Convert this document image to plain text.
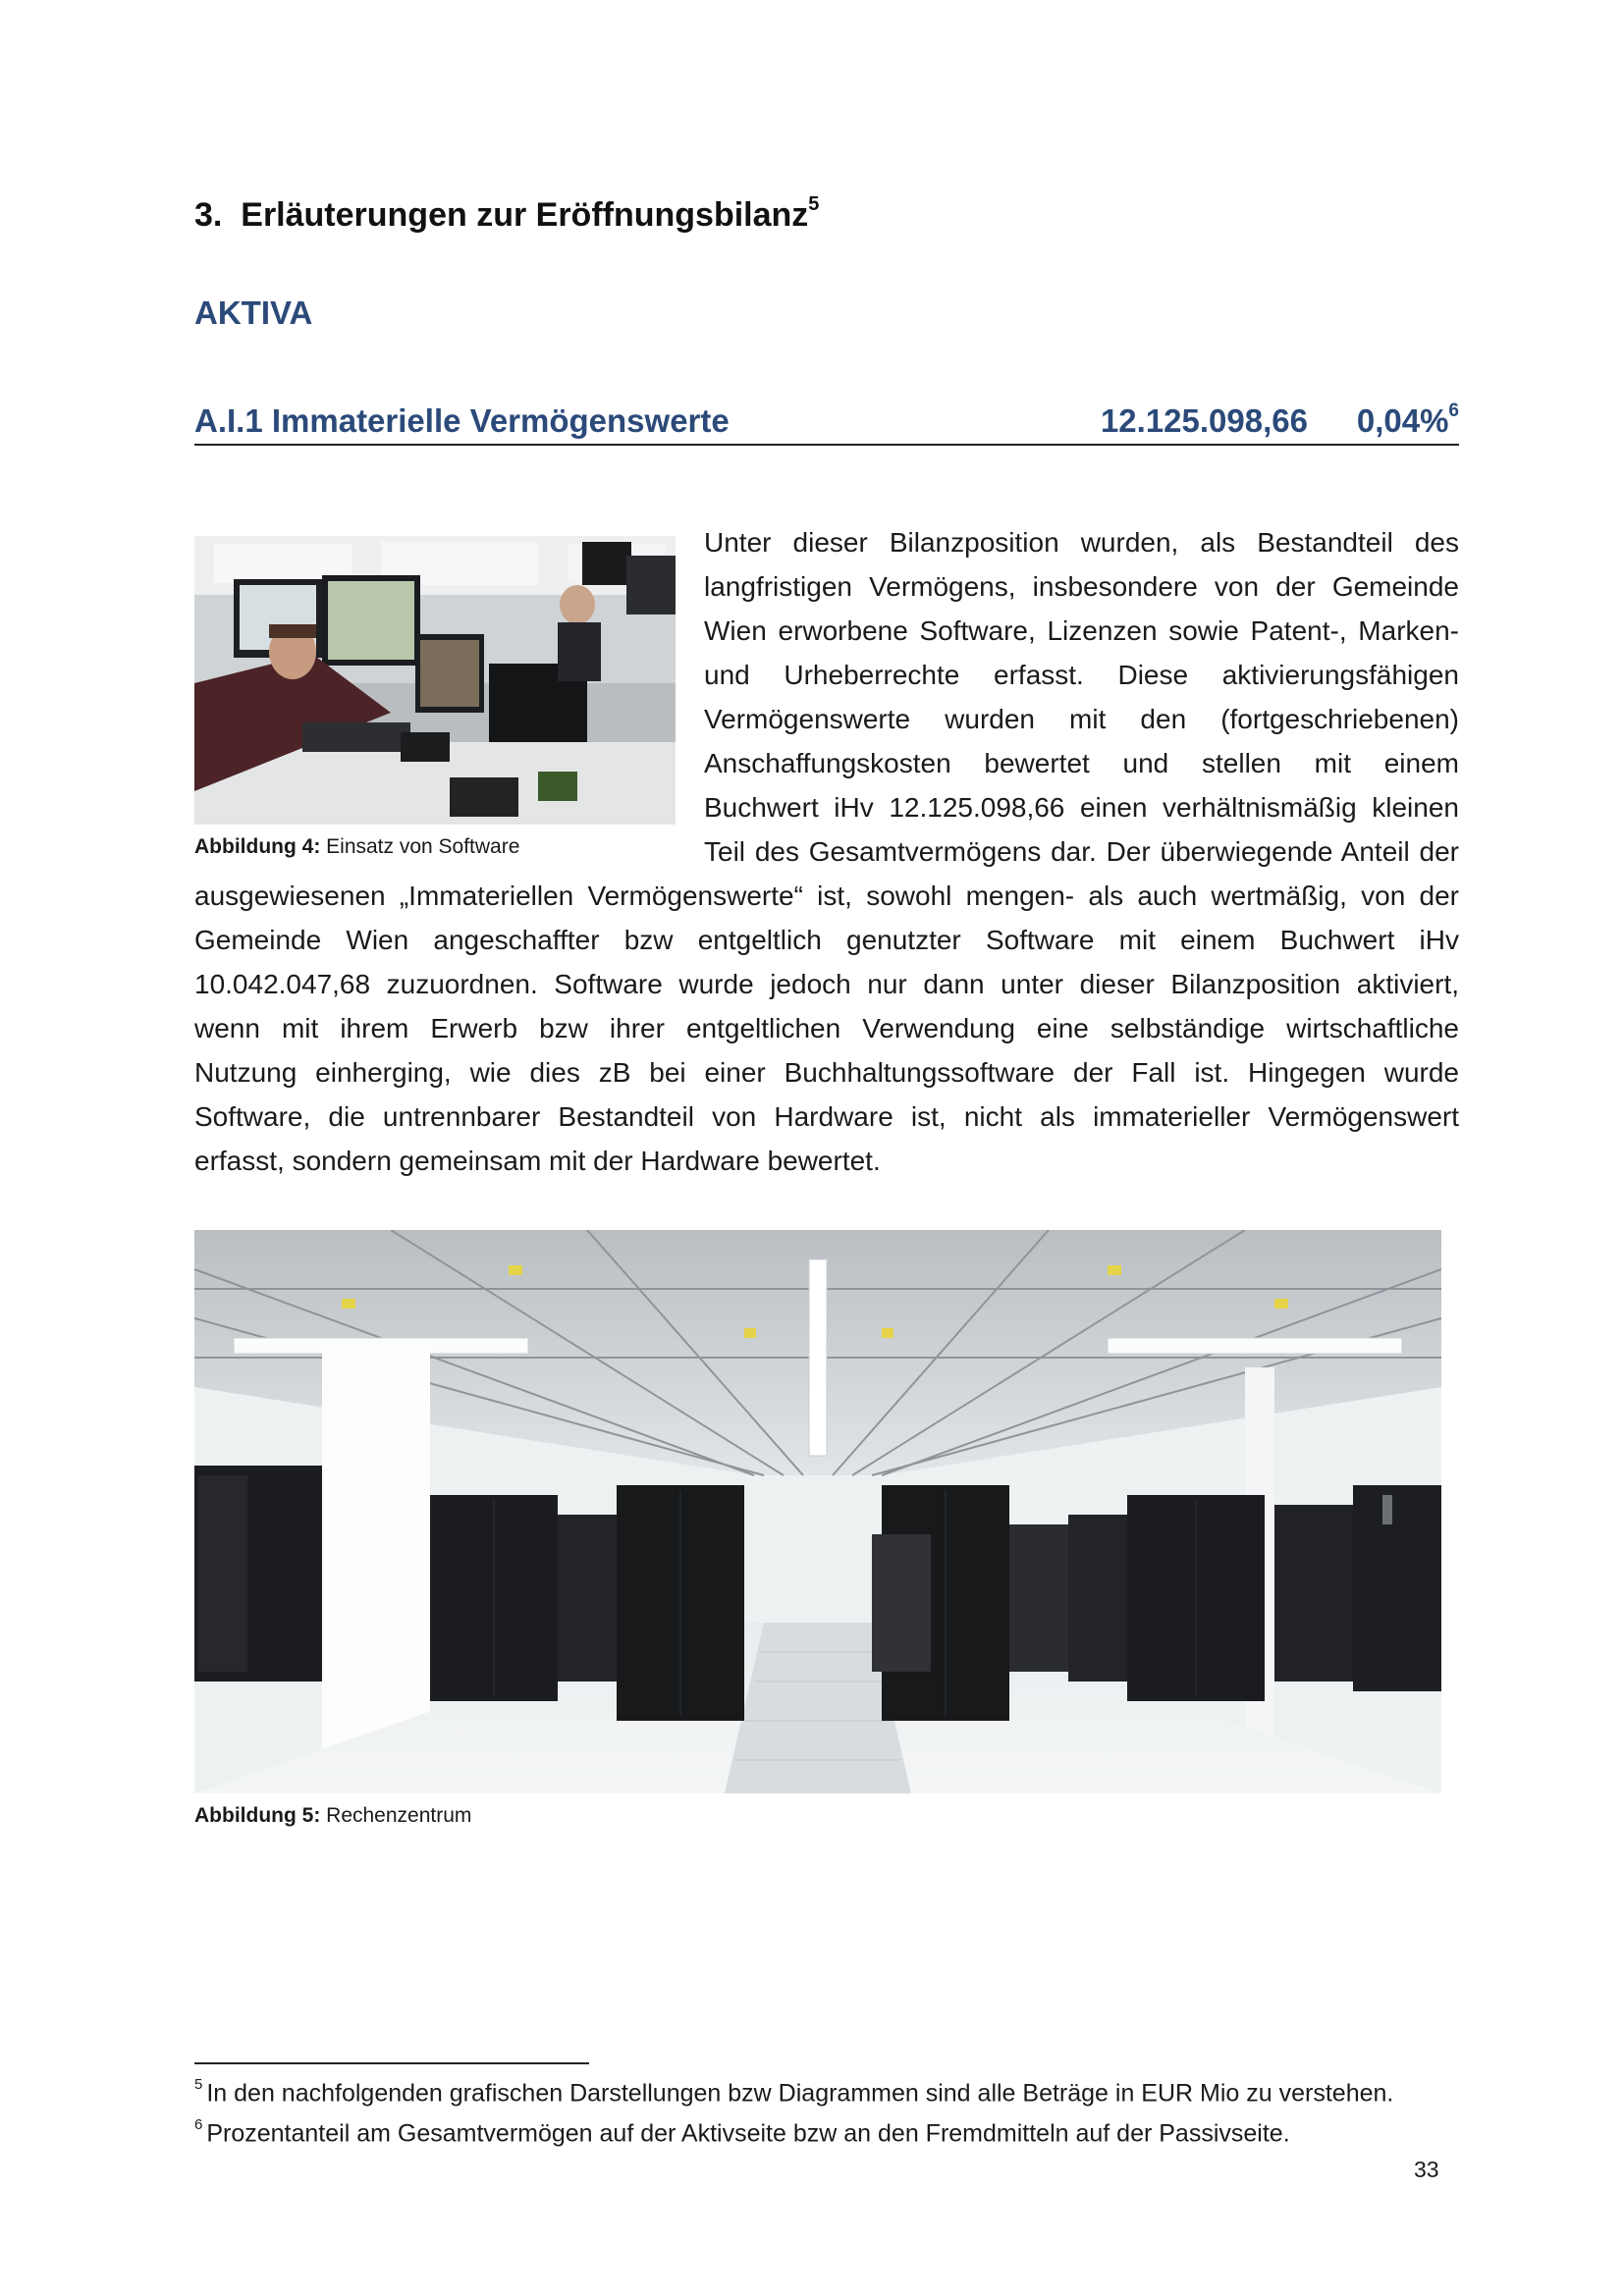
3. Erläuterungen zur Eröffnungsbilanz$^5$
AKTIVA
A.I.1 Immaterielle Vermögenswerte	12.125.098,66 0,04%$^6$
Abbildung 4: Einsatz von Software
Unter dieser Bilanzposition wurden, als Bestandteil des
langfristigen Vermögens, insbesondere von der Gemeinde
Wien erworbene Software, Lizenzen sowie Patent-, Marken-
und Urheberrechte erfasst. Diese aktivierungsfähigen
Vermögenswerte wurden mit den (fortgeschriebenen)
Anschaffungskosten bewertet und stellen mit einem
Buchwert iHv 12.125.098,66 einen verhältnismäßig kleinen
Teil des Gesamtvermögens dar. Der überwiegende Anteil der
ausgewiesenen „Immateriellen Vermögenswerte“ ist, sowohl mengen- als auch wertmäßig, von der
Gemeinde Wien angeschaffter bzw entgeltlich genutzter Software mit einem Buchwert iHv
10.042.047,68 zuzuordnen. Software wurde jedoch nur dann unter dieser Bilanzposition aktiviert,
wenn mit ihrem Erwerb bzw ihrer entgeltlichen Verwendung eine selbständige wirtschaftliche
Nutzung einherging, wie dies zB bei einer Buchhaltungssoftware der Fall ist. Hingegen wurde
Software, die untrennbarer Bestandteil von Hardware ist, nicht als immaterieller Vermögenswert
erfasst, sondern gemeinsam mit der Hardware bewertet.
Abbildung 5: Rechenzentrum
$^5$ In den nachfolgenden grafischen Darstellungen bzw Diagrammen sind alle Beträge in EUR Mio zu verstehen.
$^6$ Prozentanteil am Gesamtvermögen auf der Aktivseite bzw an den Fremdmitteln auf der Passivseite.
33
